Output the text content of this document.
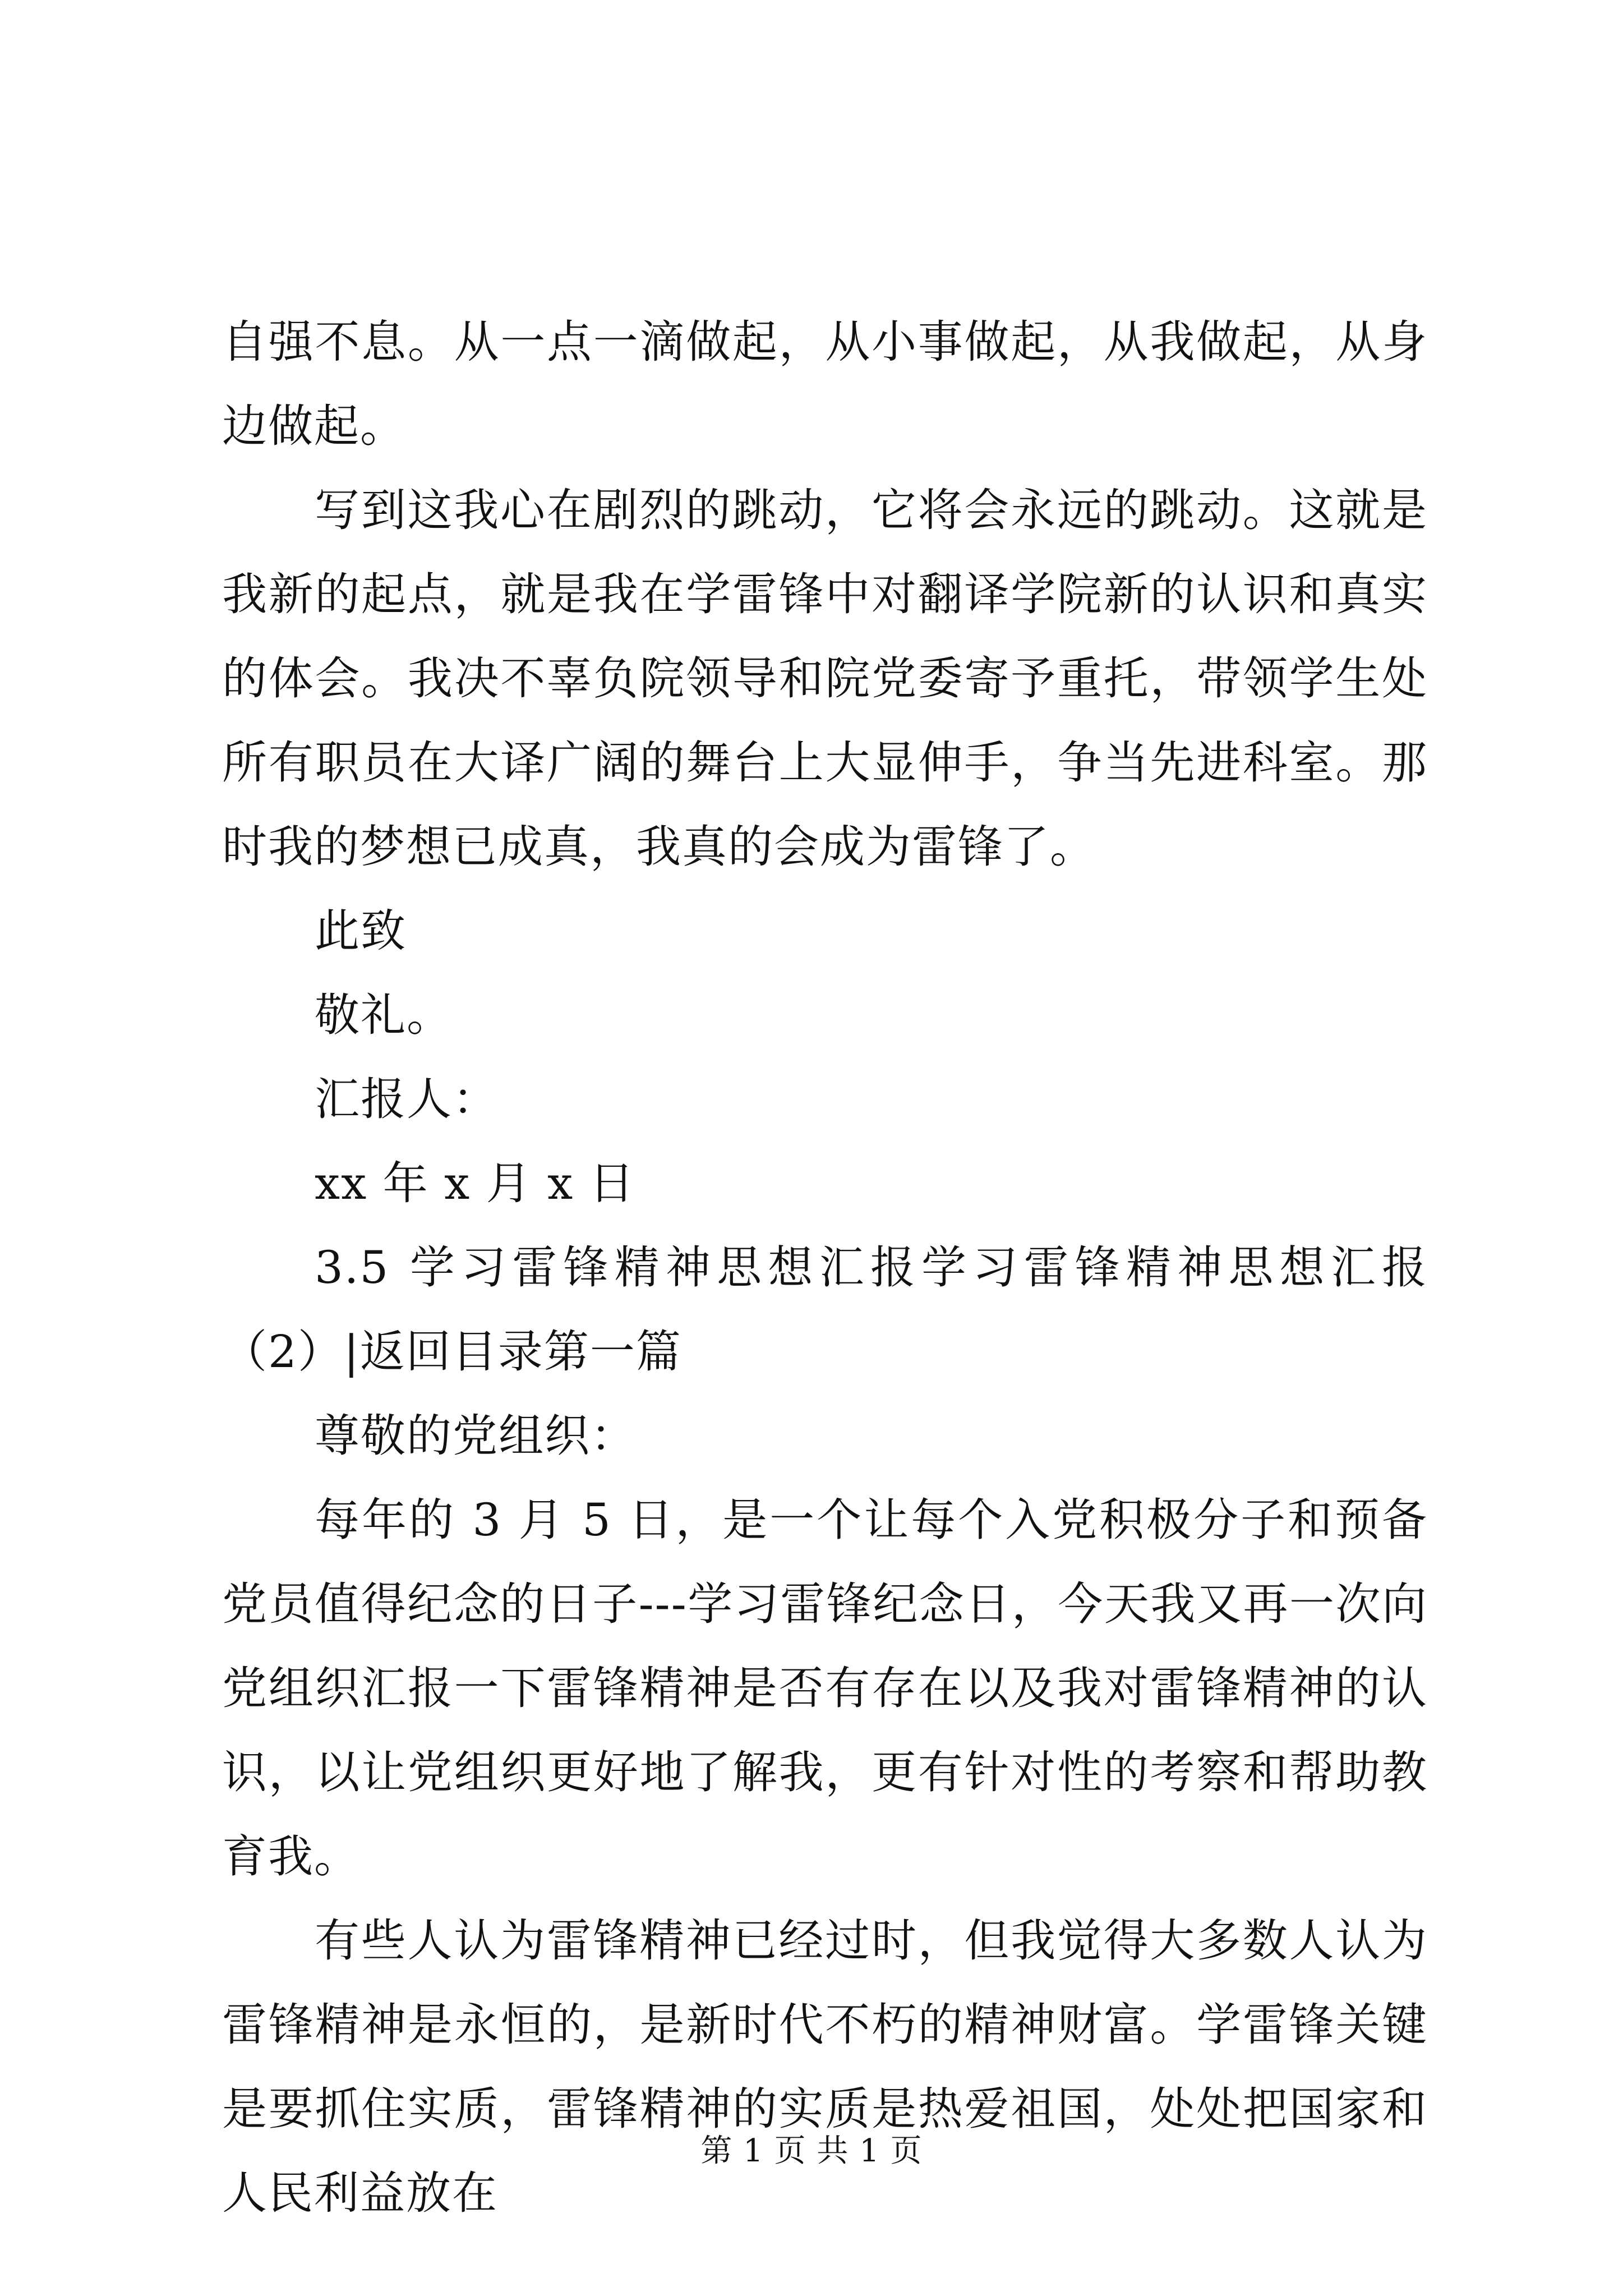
自强不息。从一点一滴做起，从小事做起，从我做起，从身边做起。

写到这我心在剧烈的跳动，它将会永远的跳动。这就是我新的起点，就是我在学雷锋中对翻译学院新的认识和真实的体会。我决不辜负院领导和院党委寄予重托，带领学生处所有职员在大译广阔的舞台上大显伸手，争当先进科室。那时我的梦想已成真，我真的会成为雷锋了。

此致

敬礼。

汇报人：

xx 年 x 月 x 日

3.5 学习雷锋精神思想汇报学习雷锋精神思想汇报（2）|返回目录第一篇

尊敬的党组织：

每年的 3 月 5 日，是一个让每个入党积极分子和预备党员值得纪念的日子---学习雷锋纪念日，今天我又再一次向党组织汇报一下雷锋精神是否有存在以及我对雷锋精神的认识，以让党组织更好地了解我，更有针对性的考察和帮助教育我。

有些人认为雷锋精神已经过时，但我觉得大多数人认为雷锋精神是永恒的，是新时代不朽的精神财富。学雷锋关键是要抓住实质，雷锋精神的实质是热爱祖国，处处把国家和人民利益放在

第 1 页 共 1 页
